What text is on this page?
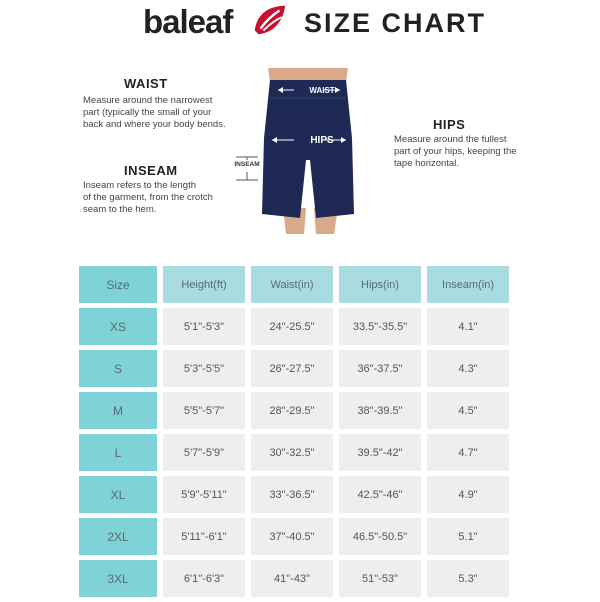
baleaf	SIZE CHART
WAIST
Measure around the narrowest
part (typically the small of your
back and where your body bends.
INSEAM
Inseam refers to the length
of the garment, from the crotch
seam to the hem.
HIPS
Measure around the fullest
part of your hips, keeping the
tape horizontal.
WAIST
HIPS
INSEAM
Size	Height(ft)	Waist(in)	Hips(in)	Inseam(in)
XS	5'1"-5'3"	24"-25.5"	33.5"-35.5"	4.1"
S	5'3"-5'5"	26"-27.5"	36"-37.5"	4.3"
M	5'5"-5'7"	28"-29.5"	38"-39.5"	4.5"
L	5'7"-5'9"	30"-32.5"	39.5"-42"	4.7"
XL	5'9"-5'11"	33"-36.5"	42.5"-46"	4.9"
2XL	5'11"-6'1"	37"-40.5"	46.5"-50.5"	5.1"
3XL	6'1"-6'3"	41"-43"	51"-53"	5.3"
